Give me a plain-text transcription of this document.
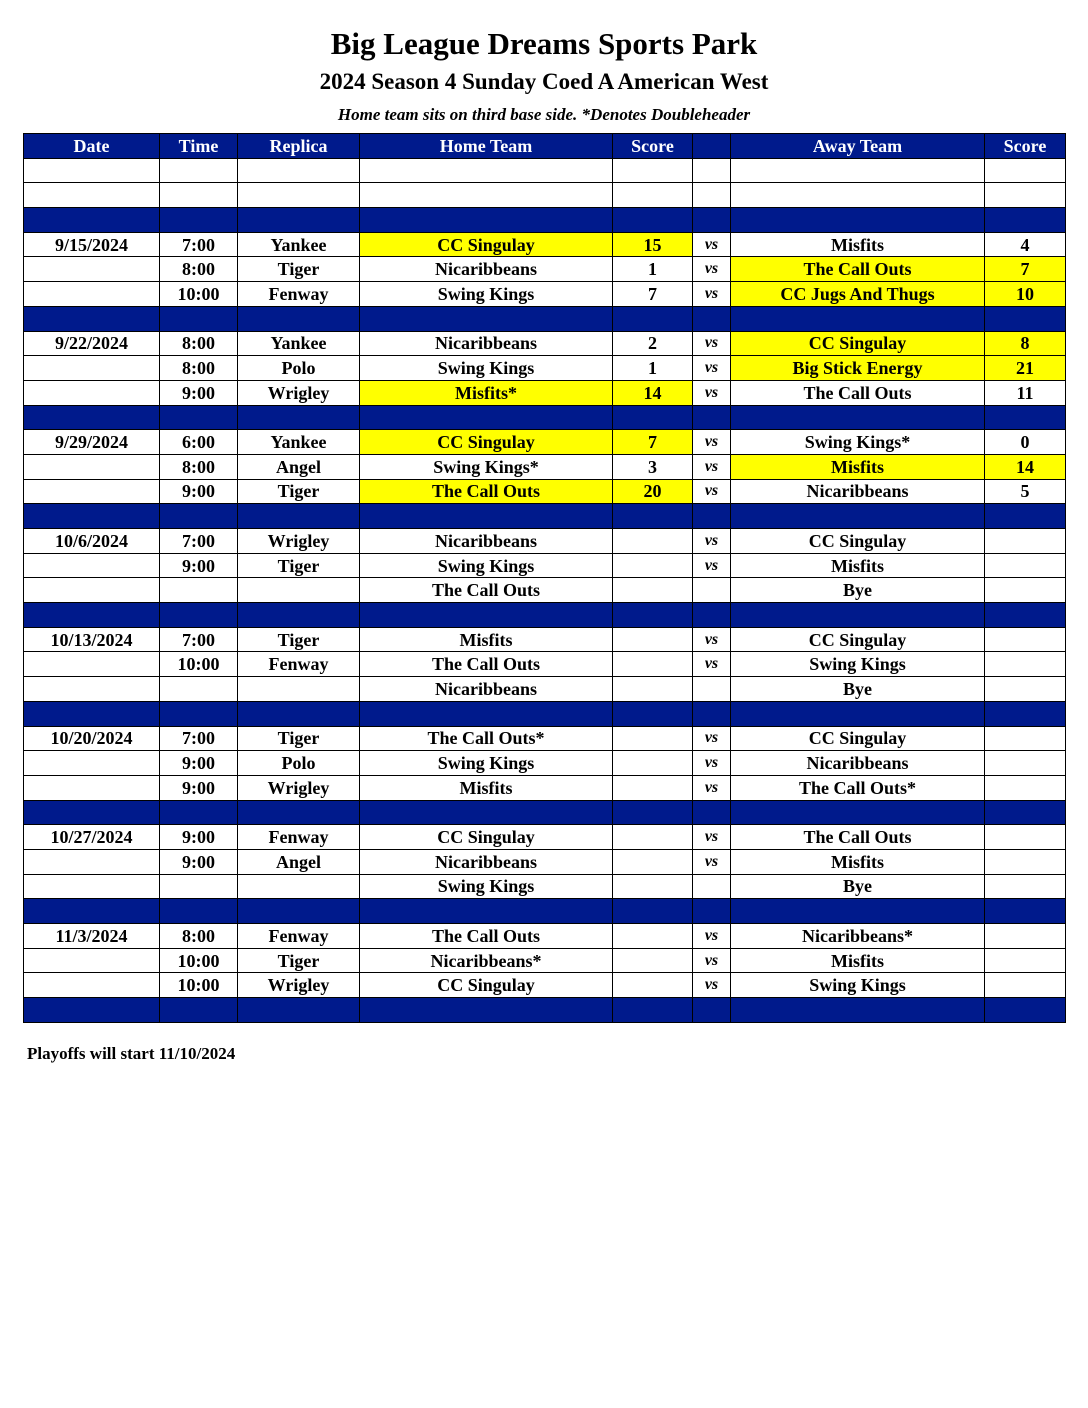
Big League Dreams Sports Park
2024 Season 4 Sunday Coed A American West
Home team sits on third base side. *Denotes Doubleheader
Date	Time	Replica	Home Team	Score		Away Team	Score

9/15/2024	7:00	Yankee	CC Singulay	15	vs	Misfits	4
	8:00	Tiger	Nicaribbeans	1	vs	The Call Outs	7
	10:00	Fenway	Swing Kings	7	vs	CC Jugs And Thugs	10

9/22/2024	8:00	Yankee	Nicaribbeans	2	vs	CC Singulay	8
	8:00	Polo	Swing Kings	1	vs	Big Stick Energy	21
	9:00	Wrigley	Misfits*	14	vs	The Call Outs	11

9/29/2024	6:00	Yankee	CC Singulay	7	vs	Swing Kings*	0
	8:00	Angel	Swing Kings*	3	vs	Misfits	14
	9:00	Tiger	The Call Outs	20	vs	Nicaribbeans	5

10/6/2024	7:00	Wrigley	Nicaribbeans		vs	CC Singulay	
	9:00	Tiger	Swing Kings		vs	Misfits	
			The Call Outs			Bye	

10/13/2024	7:00	Tiger	Misfits		vs	CC Singulay	
	10:00	Fenway	The Call Outs		vs	Swing Kings	
			Nicaribbeans			Bye	

10/20/2024	7:00	Tiger	The Call Outs*		vs	CC Singulay	
	9:00	Polo	Swing Kings		vs	Nicaribbeans	
	9:00	Wrigley	Misfits		vs	The Call Outs*	

10/27/2024	9:00	Fenway	CC Singulay		vs	The Call Outs	
	9:00	Angel	Nicaribbeans		vs	Misfits	
			Swing Kings			Bye	

11/3/2024	8:00	Fenway	The Call Outs		vs	Nicaribbeans*	
	10:00	Tiger	Nicaribbeans*		vs	Misfits	
	10:00	Wrigley	CC Singulay		vs	Swing Kings	

Playoffs will start 11/10/2024
